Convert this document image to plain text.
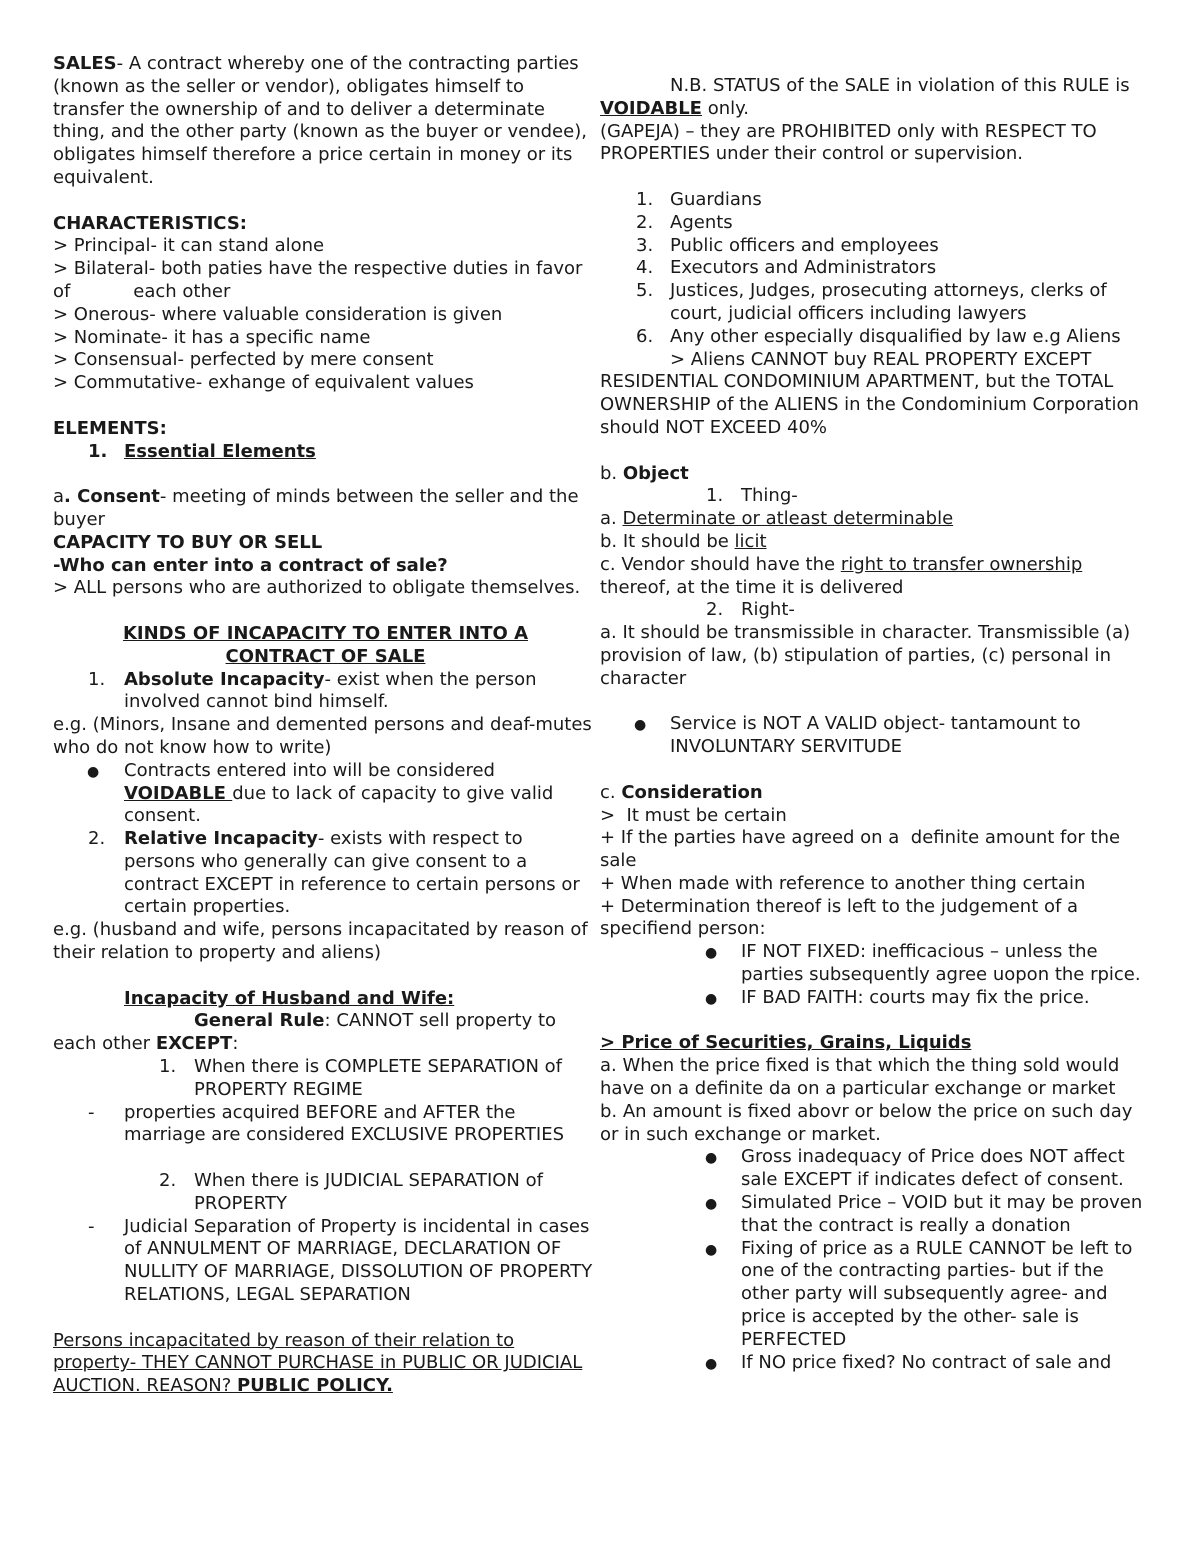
SALES- A contract whereby one of the contracting parties (known as the seller or vendor), obligates himself to transfer the ownership of and to deliver a determinate thing, and the other party (known as the buyer or vendee), obligates himself therefore a price certain in money or its equivalent.

CHARACTERISTICS:

> Principal- it can stand alone

> Bilateral- both paties have the respective duties in favor of           each other

> Onerous- where valuable consideration is given

> Nominate- it has a specific name

> Consensual- perfected by mere consent

> Commutative- exhange of equivalent values

ELEMENTS:

1. Essential Elements

a. Consent- meeting of minds between the seller and the buyer

CAPACITY TO BUY OR SELL

-Who can enter into a contract of sale?

> ALL persons who are authorized to obligate themselves.

KINDS OF INCAPACITY TO ENTER INTO A CONTRACT OF SALE

1. Absolute Incapacity- exist when the person involved cannot bind himself.

e.g. (Minors, Insane and demented persons and deaf-mutes who do not know how to write)

● Contracts entered into will be considered VOIDABLE due to lack of capacity to give valid consent.
2. Relative Incapacity- exists with respect to persons who generally can give consent to a contract EXCEPT in reference to certain persons or certain properties.

e.g. (husband and wife, persons incapacitated by reason of their relation to property and aliens)

Incapacity of Husband and Wife:

General Rule: CANNOT sell property to each other EXCEPT:

1. When there is COMPLETE SEPARATION of PROPERTY REGIME
- properties acquired BEFORE and AFTER the marriage are considered EXCLUSIVE PROPERTIES
2. When there is JUDICIAL SEPARATION of PROPERTY
- Judicial Separation of Property is incidental in cases of ANNULMENT OF MARRIAGE, DECLARATION OF NULLITY OF MARRIAGE, DISSOLUTION OF PROPERTY RELATIONS, LEGAL SEPARATION

Persons incapacitated by reason of their relation to property- THEY CANNOT PURCHASE in PUBLIC OR JUDICIAL AUCTION. REASON? PUBLIC POLICY.

N.B. STATUS of the SALE in violation of this RULE is VOIDABLE only.

(GAPEJA) – they are PROHIBITED only with RESPECT TO PROPERTIES under their control or supervision.

1. Guardians
2. Agents
3. Public officers and employees
4. Executors and Administrators
5. Justices, Judges, prosecuting attorneys, clerks of court, judicial officers including lawyers
6. Any other especially disqualified by law e.g Aliens

> Aliens CANNOT buy REAL PROPERTY EXCEPT RESIDENTIAL CONDOMINIUM APARTMENT, but the TOTAL OWNERSHIP of the ALIENS in the Condominium Corporation should NOT EXCEED 40%

b. Object

1. Thing-

a. Determinate or atleast determinable

b. It should be licit

c. Vendor should have the right to transfer ownership thereof, at the time it is delivered

2. Right-

a. It should be transmissible in character. Transmissible (a) provision of law, (b) stipulation of parties, (c) personal in character

● Service is NOT A VALID object- tantamount to INVOLUNTARY SERVITUDE

c. Consideration

>  It must be certain

+ If the parties have agreed on a  definite amount for the sale

+ When made with reference to another thing certain

+ Determination thereof is left to the judgement of a specifiend person:

● IF NOT FIXED: inefficacious – unless the parties subsequently agree uopon the rpice.
● IF BAD FAITH: courts may fix the price.

> Price of Securities, Grains, Liquids

a. When the price fixed is that which the thing sold would have on a definite da on a particular exchange or market

b. An amount is fixed abovr or below the price on such day or in such exchange or market.

● Gross inadequacy of Price does NOT affect sale EXCEPT if indicates defect of consent.
● Simulated Price – VOID but it may be proven that the contract is really a donation
● Fixing of price as a RULE CANNOT be left to one of the contracting parties- but if the other party will subsequently agree- and price is accepted by the other- sale is PERFECTED
● If NO price fixed? No contract of sale and
